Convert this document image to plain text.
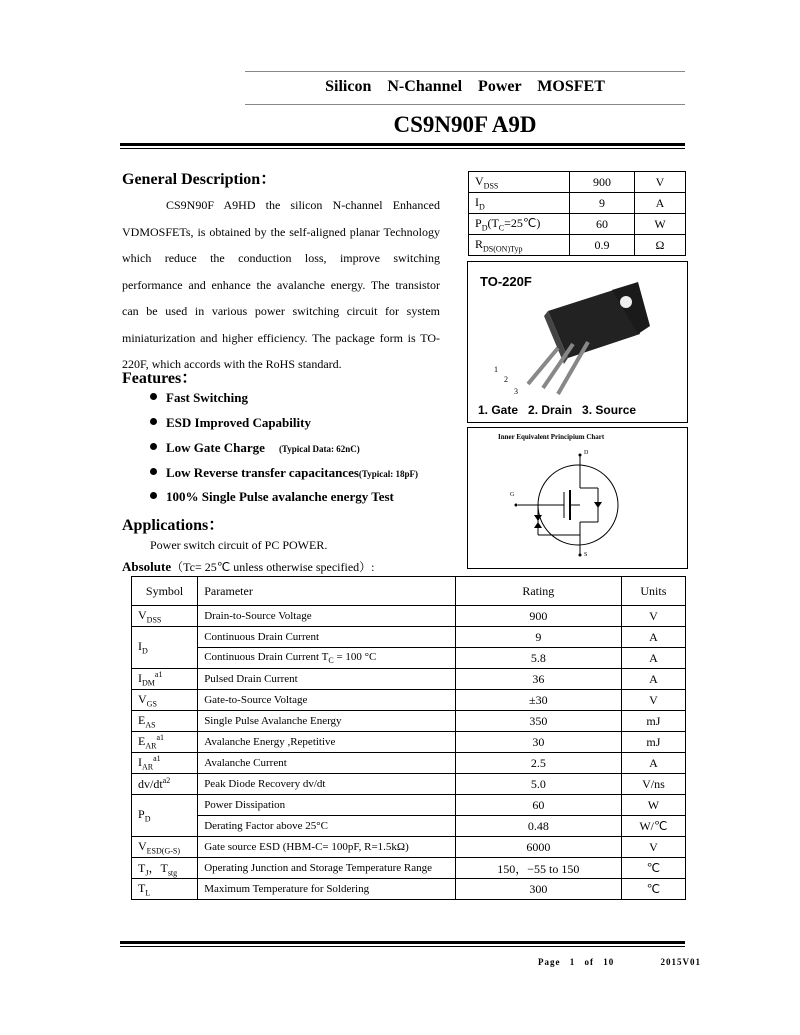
Silicon N-Channel Power MOSFET
CS9N90F A9D
General Description：
CS9N90F A9HD the silicon N-channel Enhanced VDMOSFETs, is obtained by the self-aligned planar Technology which reduce the conduction loss, improve switching performance and enhance the avalanche energy. The transistor can be used in various power switching circuit for system miniaturization and higher efficiency. The package form is TO-220F, which accords with the RoHS standard.
$V_{DSS}$	900	V
$I_D$	9	A
$P_D(T_C=25℃)$	60	W
$R_{DS(ON)Typ}$	0.9	Ω
TO-220F
1
2
3
1. Gate   2. Drain   3. Source
Inner Equivalent Principium Chart
D
S
G
Features：
Fast Switching
ESD Improved Capability
Low Gate Charge (Typical Data: 62nC)
Low Reverse transfer capacitances(Typical: 18pF)
100% Single Pulse avalanche energy Test
Applications：
Power switch circuit of PC POWER.
Absolute（Tc= 25℃ unless otherwise specified）:
Symbol	Parameter	Rating	Units
$V_{DSS}$	Drain-to-Source Voltage	900	V
$I_D$	Continuous Drain Current	9	A
	Continuous Drain Current $T_C = 100$ °C	5.8	A
$I_{DM}^{a1}$	Pulsed Drain Current	36	A
$V_{GS}$	Gate-to-Source Voltage	±30	V
$E_{AS}$	Single Pulse Avalanche Energy	350	mJ
$E_{AR}^{a1}$	Avalanche Energy ,Repetitive	30	mJ
$I_{AR}^{a1}$	Avalanche Current	2.5	A
$dv/dt^{a2}$	Peak Diode Recovery dv/dt	5.0	V/ns
$P_D$	Power Dissipation	60	W
	Derating Factor above 25°C	0.48	W/℃
$V_{ESD(G-S)}$	Gate source ESD (HBM-C= 100pF, R=1.5kΩ)	6000	V
$T_J$，$T_{stg}$	Operating Junction and Storage Temperature Range	150，−55 to 150	℃
$T_L$	Maximum Temperature for Soldering	300	℃
Page 1 of 10	2015V01
